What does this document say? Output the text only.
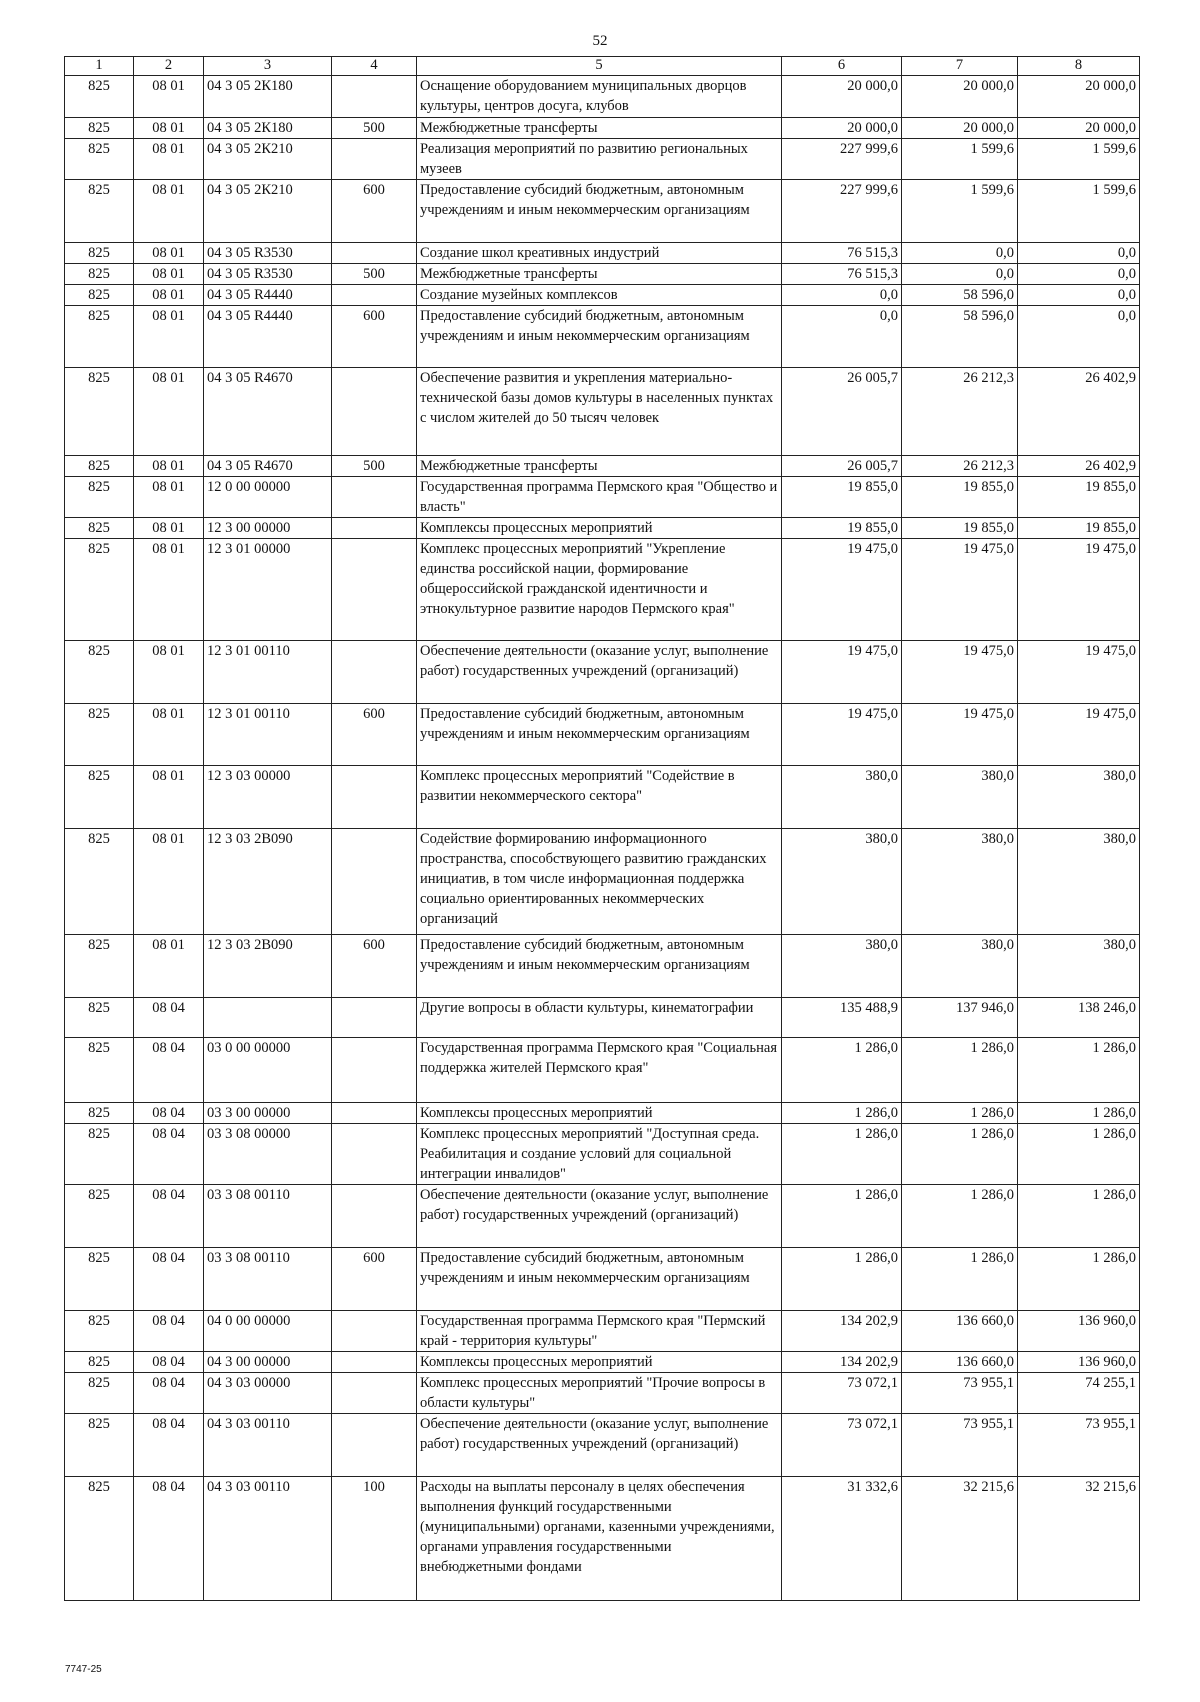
52
1	2	3	4	5	6	7	8
825	08 01	04 3 05 2К180		Оснащение оборудованием муниципальных дворцов культуры, центров досуга, клубов	20 000,0	20 000,0	20 000,0
825	08 01	04 3 05 2К180	500	Межбюджетные трансферты	20 000,0	20 000,0	20 000,0
825	08 01	04 3 05 2К210		Реализация мероприятий по развитию региональных музеев	227 999,6	1 599,6	1 599,6
825	08 01	04 3 05 2К210	600	Предоставление субсидий бюджетным, автономным учреждениям и иным некоммерческим организациям	227 999,6	1 599,6	1 599,6
825	08 01	04 3 05 R3530		Создание школ креативных индустрий	76 515,3	0,0	0,0
825	08 01	04 3 05 R3530	500	Межбюджетные трансферты	76 515,3	0,0	0,0
825	08 01	04 3 05 R4440		Создание музейных комплексов	0,0	58 596,0	0,0
825	08 01	04 3 05 R4440	600	Предоставление субсидий бюджетным, автономным учреждениям и иным некоммерческим организациям	0,0	58 596,0	0,0
825	08 01	04 3 05 R4670		Обеспечение развития и укрепления материально-технической базы домов культуры в населенных пунктах с числом жителей до 50 тысяч человек	26 005,7	26 212,3	26 402,9
825	08 01	04 3 05 R4670	500	Межбюджетные трансферты	26 005,7	26 212,3	26 402,9
825	08 01	12 0 00 00000		Государственная программа Пермского края "Общество и власть"	19 855,0	19 855,0	19 855,0
825	08 01	12 3 00 00000		Комплексы процессных мероприятий	19 855,0	19 855,0	19 855,0
825	08 01	12 3 01 00000		Комплекс процессных мероприятий "Укрепление единства российской нации, формирование общероссийской гражданской идентичности и этнокультурное развитие народов Пермского края"	19 475,0	19 475,0	19 475,0
825	08 01	12 3 01 00110		Обеспечение деятельности (оказание услуг, выполнение работ) государственных учреждений (организаций)	19 475,0	19 475,0	19 475,0
825	08 01	12 3 01 00110	600	Предоставление субсидий бюджетным, автономным учреждениям и иным некоммерческим организациям	19 475,0	19 475,0	19 475,0
825	08 01	12 3 03 00000		Комплекс процессных мероприятий "Содействие в развитии некоммерческого сектора"	380,0	380,0	380,0
825	08 01	12 3 03 2В090		Содействие формированию информационного пространства, способствующего развитию гражданских инициатив, в том числе информационная поддержка социально ориентированных некоммерческих организаций	380,0	380,0	380,0
825	08 01	12 3 03 2В090	600	Предоставление субсидий бюджетным, автономным учреждениям и иным некоммерческим организациям	380,0	380,0	380,0
825	08 04			Другие вопросы в области культуры, кинематографии	135 488,9	137 946,0	138 246,0
825	08 04	03 0 00 00000		Государственная программа Пермского края "Социальная поддержка жителей Пермского края"	1 286,0	1 286,0	1 286,0
825	08 04	03 3 00 00000		Комплексы процессных мероприятий	1 286,0	1 286,0	1 286,0
825	08 04	03 3 08 00000		Комплекс процессных мероприятий "Доступная среда. Реабилитация и создание условий для социальной интеграции инвалидов"	1 286,0	1 286,0	1 286,0
825	08 04	03 3 08 00110		Обеспечение деятельности (оказание услуг, выполнение работ) государственных учреждений (организаций)	1 286,0	1 286,0	1 286,0
825	08 04	03 3 08 00110	600	Предоставление субсидий бюджетным, автономным учреждениям и иным некоммерческим организациям	1 286,0	1 286,0	1 286,0
825	08 04	04 0 00 00000		Государственная программа Пермского края "Пермский край - территория культуры"	134 202,9	136 660,0	136 960,0
825	08 04	04 3 00 00000		Комплексы процессных мероприятий	134 202,9	136 660,0	136 960,0
825	08 04	04 3 03 00000		Комплекс процессных мероприятий "Прочие вопросы в области культуры"	73 072,1	73 955,1	74 255,1
825	08 04	04 3 03 00110		Обеспечение деятельности (оказание услуг, выполнение работ) государственных учреждений (организаций)	73 072,1	73 955,1	73 955,1
825	08 04	04 3 03 00110	100	Расходы на выплаты персоналу в целях обеспечения выполнения функций государственными (муниципальными) органами, казенными учреждениями, органами управления государственными внебюджетными фондами	31 332,6	32 215,6	32 215,6
7747-25
